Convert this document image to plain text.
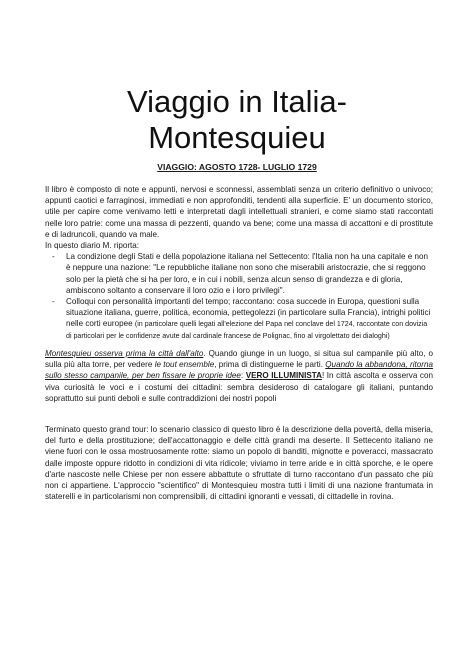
Viaggio in Italia-
Montesquieu
VIAGGIO: AGOSTO 1728- LUGLIO 1729
Il libro è composto di note e appunti, nervosi e sconnessi, assemblati senza un criterio definitivo o univoco; appunti caotici e farraginosi, immediati e non approfonditi, tendenti alla superficie. E' un documento storico, utile per capire come venivamo letti e interpretati dagli intellettuali stranieri, e come siamo stati raccontati nelle loro patrie: come una massa di pezzenti, quando va bene; come una massa di accattoni e di prostitute e di ladruncoli, quando va male.
In questo diario M. riporta:
- La condizione degli Stati e della popolazione italiana nel Settecento: l'Italia non ha una capitale e non è neppure una nazione: "Le repubbliche italiane non sono che miserabili aristocrazie, che si reggono solo per la pietà che si ha per loro, e in cui i nobili, senza alcun senso di grandezza e di gloria, ambiscono soltanto a conservare il loro ozio e i loro privilegi".
- Colloqui con personalità importanti del tempo; raccontano: cosa succede in Europa, questioni sulla situazione italiana, guerre, politica, economia, pettegolezzi (in particolare sulla Francia), intrighi politici nelle corti europee (in particolare quelli legati all'elezione del Papa nel conclave del 1724, raccontate con dovizia di particolari per le confidenze avute dal cardinale francese de Polignac, fino al virgolettato dei dialoghi)
Montesquieu osserva prima la città dall'alto. Quando giunge in un luogo, si situa sul campanile più alto, o sulla più alta torre, per vedere le tout ensemble, prima di distinguerne le parti. Quando la abbandona, ritorna sullo stesso campanile, per ben fissare le proprie idee: VERO ILLUMINISTA! In città ascolta e osserva con viva curiosità le voci e i costumi dei cittadini: sembra desideroso di catalogare gli italiani, puntando soprattutto sui punti deboli e sulle contraddizioni dei nostri popoli
Terminato questo grand tour: lo scenario classico di questo libro è la descrizione della povertà, della miseria, del furto e della prostituzione; dell'accattonaggio e delle città grandi ma deserte. Il Settecento italiano ne viene fuori con le ossa mostruosamente rotte: siamo un popolo di banditi, mignotte e poveracci, massacrato dalle imposte oppure ridotto in condizioni di vita ridicole; viviamo in terre aride e in città sporche, e le opere d'arte nascoste nelle Chiese per non essere abbattute o sfruttate di turno raccontano d'un passato che più non ci appartiene. L'approccio "scientifico" di Montesquieu mostra tutti i limiti di una nazione frantumata in staterelli e in particolarismi non comprensibili, di cittadini ignoranti e vessati, di cittadelle in rovina.
